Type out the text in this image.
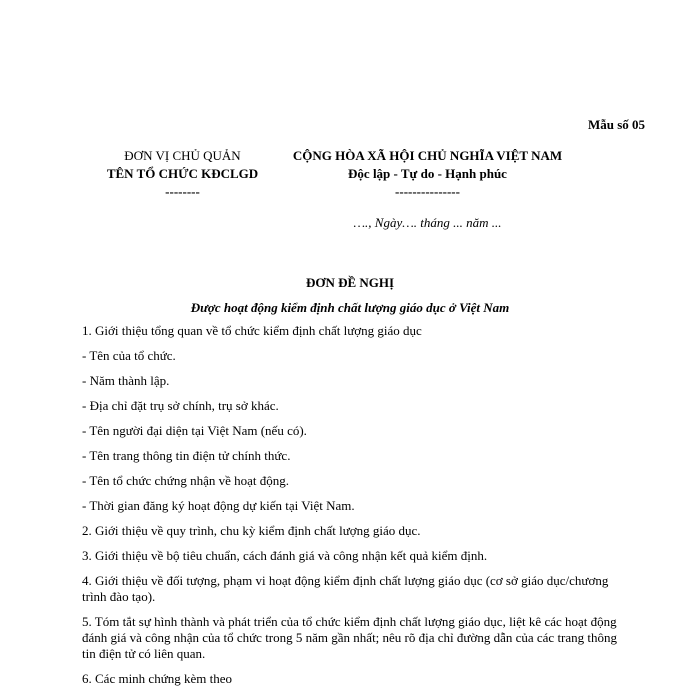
Mẫu số 05
ĐƠN VỊ CHỦ QUẢN
TÊN TỔ CHỨC KĐCLGD
--------
CỘNG HÒA XÃ HỘI CHỦ NGHĨA VIỆT NAM
Độc lập - Tự do - Hạnh phúc
---------------
…., Ngày…. tháng ... năm ...
ĐƠN ĐỀ NGHỊ
Được hoạt động kiểm định chất lượng giáo dục ở Việt Nam

1. Giới thiệu tổng quan về tổ chức kiểm định chất lượng giáo dục

- Tên của tổ chức.

- Năm thành lập.

- Địa chỉ đặt trụ sở chính, trụ sở khác.

- Tên người đại diện tại Việt Nam (nếu có).

- Tên trang thông tin điện tử chính thức.

- Tên tổ chức chứng nhận về hoạt động.

- Thời gian đăng ký hoạt động dự kiến tại Việt Nam.

2. Giới thiệu về quy trình, chu kỳ kiểm định chất lượng giáo dục.

3. Giới thiệu về bộ tiêu chuẩn, cách đánh giá và công nhận kết quả kiểm định.

4. Giới thiệu về đối tượng, phạm vi hoạt động kiểm định chất lượng giáo dục (cơ sở giáo dục/chương trình đào tạo).

5. Tóm tắt sự hình thành và phát triển của tổ chức kiểm định chất lượng giáo dục, liệt kê các hoạt động đánh giá và công nhận của tổ chức trong 5 năm gần nhất; nêu rõ địa chỉ đường dẫn của các trang thông tin điện tử có liên quan.

6. Các minh chứng kèm theo
